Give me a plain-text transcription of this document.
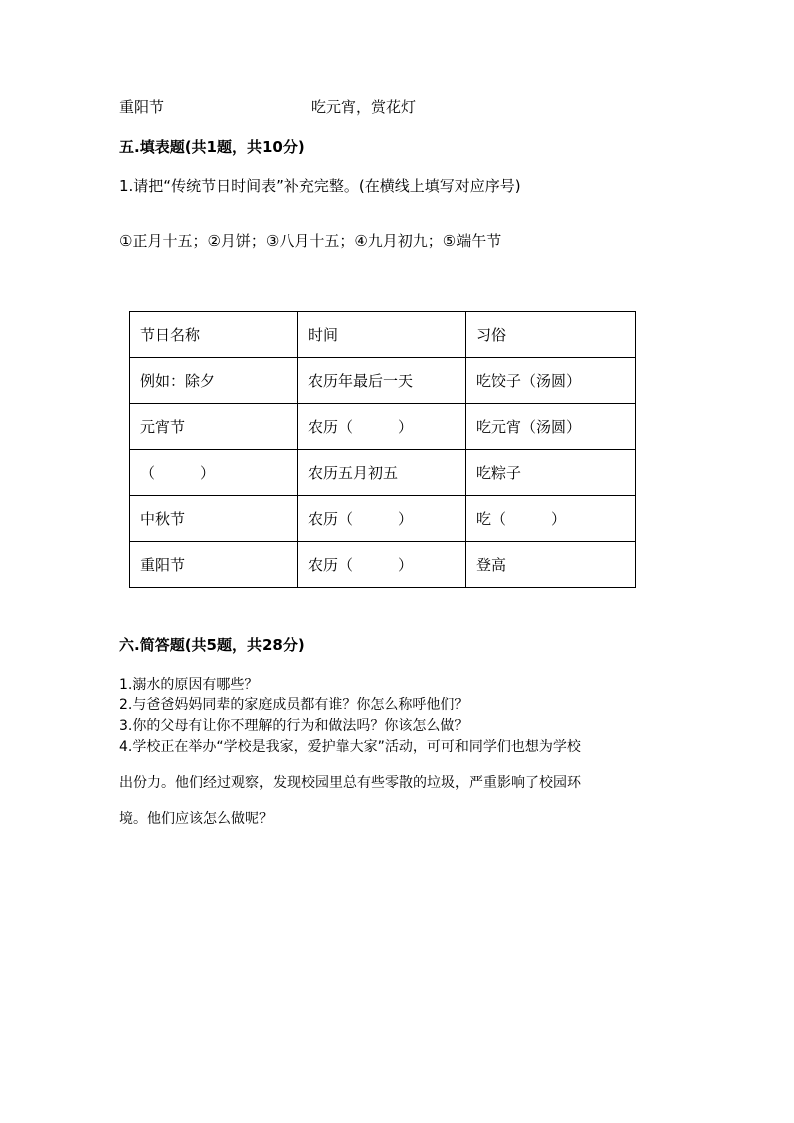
重阳节	吃元宵，赏花灯
五.填表题(共1题，共10分)
1.请把“传统节日时间表”补充完整。(在横线上填写对应序号)
①正月十五；②月饼；③八月十五；④九月初九；⑤端午节
节日名称	时间	习俗
例如：除夕	农历年最后一天	吃饺子（汤圆）
元宵节	农历（　　　）	吃元宵（汤圆）
（　　　）	农历五月初五	吃粽子
中秋节	农历（　　　）	吃（　　　）
重阳节	农历（　　　）	登高
六.简答题(共5题，共28分)
1.溺水的原因有哪些？
2.与爸爸妈妈同辈的家庭成员都有谁？你怎么称呼他们？
3.你的父母有让你不理解的行为和做法吗？你该怎么做？
4.学校正在举办“学校是我家，爱护靠大家”活动，可可和同学们也想为学校
出份力。他们经过观察，发现校园里总有些零散的垃圾，严重影响了校园环
境。他们应该怎么做呢？
